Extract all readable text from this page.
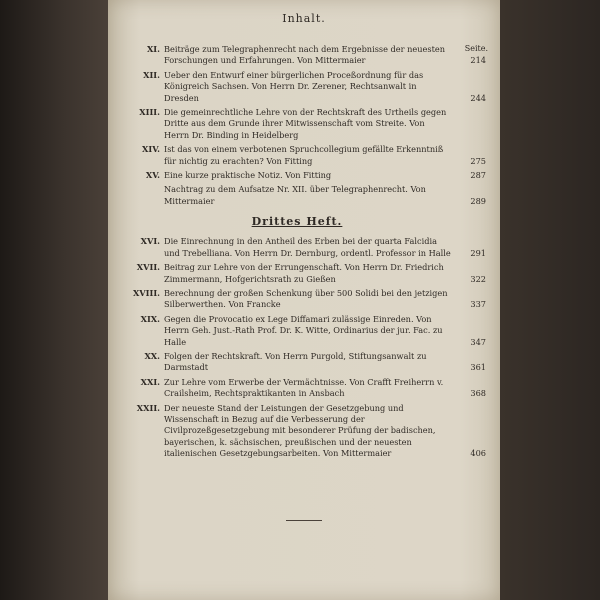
Inhalt.
Seite.
XI. Beiträge zum Telegraphenrecht nach dem Ergebnisse der neuesten Forschungen und Erfahrungen. Von Mittermaier	214
XII. Ueber den Entwurf einer bürgerlichen Proceßordnung für das Königreich Sachsen. Von Herrn Dr. Zerener, Rechtsanwalt in Dresden	244
XIII. Die gemeinrechtliche Lehre von der Rechtskraft des Urtheils gegen Dritte aus dem Grunde ihrer Mitwissenschaft vom Streite. Von Herrn Dr. Binding in Heidelberg
XIV. Ist das von einem verbotenen Spruchcollegium gefällte Erkenntniß für nichtig zu erachten? Von Fitting	275
XV. Eine kurze praktische Notiz. Von Fitting	287
Nachtrag zu dem Aufsatze Nr. XII. über Telegraphenrecht. Von Mittermaier	289
Drittes Heft.
XVI. Die Einrechnung in den Antheil des Erben bei der quarta Falcidia und Trebelliana. Von Herrn Dr. Dernburg, ordentl. Professor in Halle	291
XVII. Beitrag zur Lehre von der Errungenschaft. Von Herrn Dr. Friedrich Zimmermann, Hofgerichtsrath zu Gießen	322
XVIII. Berechnung der großen Schenkung über 500 Solidi bei den jetzigen Silberwerthen. Von Francke	337
XIX. Gegen die Provocatio ex Lege Diffamari zulässige Einreden. Von Herrn Geh. Just.-Rath Prof. Dr. K. Witte, Ordinarius der jur. Fac. zu Halle	347
XX. Folgen der Rechtskraft. Von Herrn Purgold, Stiftungsanwalt zu Darmstadt	361
XXI. Zur Lehre vom Erwerbe der Vermächtnisse. Von Crafft Freiherrn v. Crailsheim, Rechtspraktikanten in Ansbach	368
XXII. Der neueste Stand der Leistungen der Gesetzgebung und Wissenschaft in Bezug auf die Verbesserung der Civilprozeßgesetzgebung mit besonderer Prüfung der badischen, bayerischen, k. sächsischen, preußischen und der neuesten italienischen Gesetzgebungsarbeiten. Von Mittermaier	406
